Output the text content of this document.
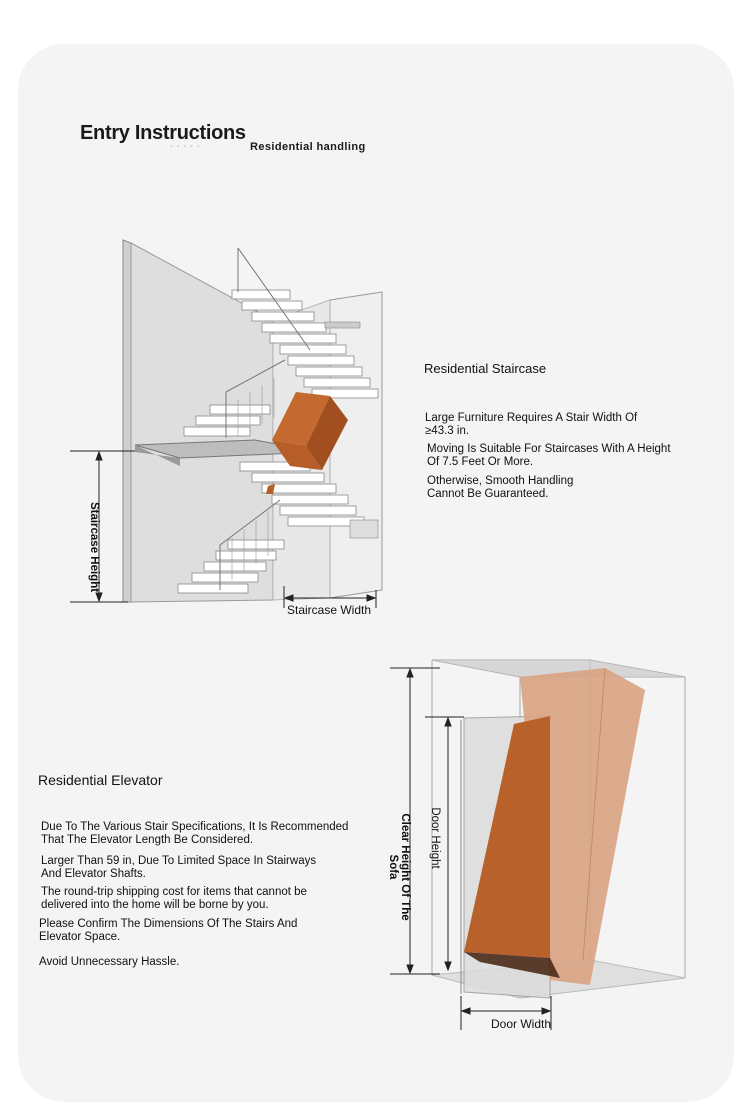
· · · · ·
Entry Instructions
Residential handling
Staircase Height
Staircase Width
Residential Staircase
Large Furniture Requires A Stair Width Of
≥43.3 in.
Moving Is Suitable For Staircases With A Height
Of 7.5 Feet Or More.
Otherwise, Smooth Handling
Cannot Be Guaranteed.
Residential Elevator
Due To The Various Stair Specifications, It Is Recommended
That The Elevator Length Be Considered.
Larger Than 59 in, Due To Limited Space In Stairways
And Elevator Shafts.
The round-trip shipping cost for items that cannot be
delivered into the home will be borne by you.
Please Confirm The Dimensions Of The Stairs And
Elevator Space.
Avoid Unnecessary Hassle.
Clear Height Of The Sofa	Door Height
Door Width
